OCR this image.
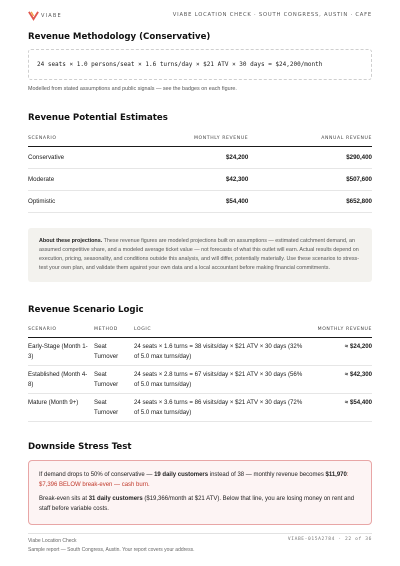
VIABE	VIABE LOCATION CHECK · SOUTH CONGRESS, AUSTIN · CAFE
Revenue Methodology (Conservative)
24 seats × 1.0 persons/seat × 1.6 turns/day × $21 ATV × 30 days = $24,200/month
Modelled from stated assumptions and public signals — see the badges on each figure.
Revenue Potential Estimates
SCENARIO	MONTHLY REVENUE	ANNUAL REVENUE
Conservative	$24,200	$290,400
Moderate	$42,300	$507,600
Optimistic	$54,400	$652,800
About these projections. These revenue figures are modeled projections built on assumptions — estimated catchment demand, an assumed competitive share, and a modeled average ticket value — not forecasts of what this outlet will earn. Actual results depend on execution, pricing, seasonality, and conditions outside this analysis, and will differ, potentially materially. Use these scenarios to stress-test your own plan, and validate them against your own data and a local accountant before making financial commitments.
Revenue Scenario Logic
SCENARIO	METHOD	LOGIC	MONTHLY REVENUE
Early-Stage (Month 1-3)	Seat Turnover	24 seats × 1.6 turns = 38 visits/day × $21 ATV × 30 days (32% of 5.0 max turns/day)	≈ $24,200
Established (Month 4-8)	Seat Turnover	24 seats × 2.8 turns = 67 visits/day × $21 ATV × 30 days (56% of 5.0 max turns/day)	≈ $42,300
Mature (Month 9+)	Seat Turnover	24 seats × 3.6 turns = 86 visits/day × $21 ATV × 30 days (72% of 5.0 max turns/day)	≈ $54,400
Downside Stress Test

If demand drops to 50% of conservative — 19 daily customers instead of 38 — monthly revenue becomes $11,970: $7,396 BELOW break-even — cash burn.

Break-even sits at 31 daily customers ($19,366/month at $21 ATV). Below that line, you are losing money on rent and staff before variable costs.

Viabe Location Check
Sample report — South Congress, Austin. Your report covers your address.
VIABE-015A2784 · 22 of 36
